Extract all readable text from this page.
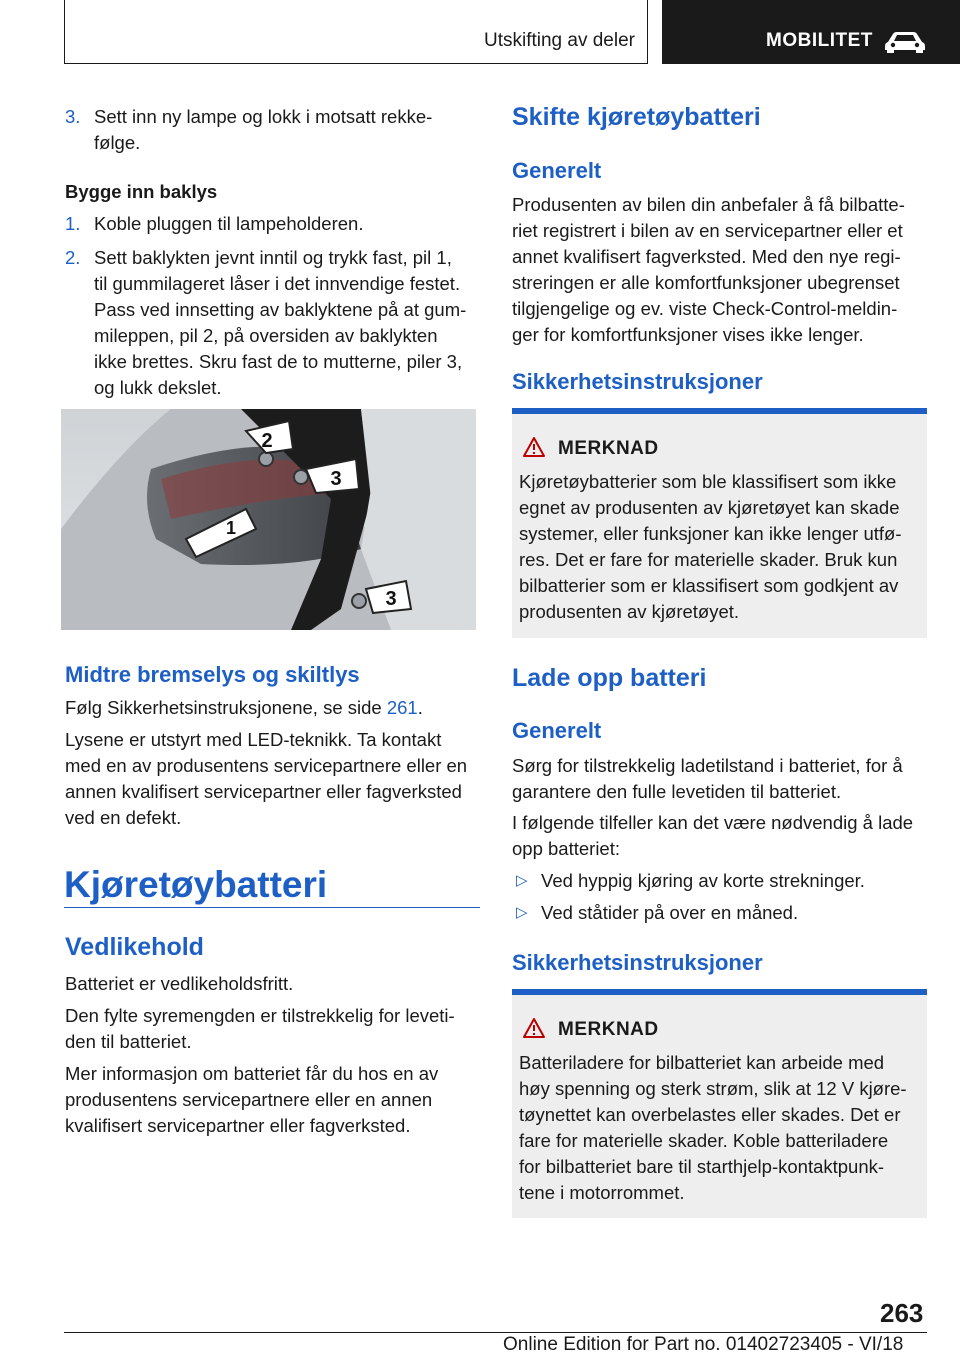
Utskifting av deler	MOBILITET
3. Sett inn ny lampe og lokk i motsatt rekke-
følge.
Bygge inn baklys
1. Koble pluggen til lampeholderen.
2. Sett baklykten jevnt inntil og trykk fast, pil 1,
til gummilageret låser i det innvendige festet.
Pass ved innsetting av baklyktene på at gum-
mileppen, pil 2, på oversiden av baklykten
ikke brettes. Skru fast de to mutterne, piler 3,
og lukk dekslet.
2
3
1
3
Midtre bremselys og skiltlys
Følg Sikkerhetsinstruksjonene, se side 261.
Lysene er utstyrt med LED-teknikk. Ta kontakt
med en av produsentens servicepartnere eller en
annen kvalifisert servicepartner eller fagverksted
ved en defekt.
Kjøretøybatteri
Vedlikehold
Batteriet er vedlikeholdsfritt.
Den fylte syremengden er tilstrekkelig for leveti-
den til batteriet.
Mer informasjon om batteriet får du hos en av
produsentens servicepartnere eller en annen
kvalifisert servicepartner eller fagverksted.
Skifte kjøretøybatteri
Generelt
Produsenten av bilen din anbefaler å få bilbatte-
riet registrert i bilen av en servicepartner eller et
annet kvalifisert fagverksted. Med den nye regi-
streringen er alle komfortfunksjoner ubegrenset
tilgjengelige og ev. viste Check-Control-meldin-
ger for komfortfunksjoner vises ikke lenger.
Sikkerhetsinstruksjoner
MERKNAD
Kjøretøybatterier som ble klassifisert som ikke
egnet av produsenten av kjøretøyet kan skade
systemer, eller funksjoner kan ikke lenger utfø-
res. Det er fare for materielle skader. Bruk kun
bilbatterier som er klassifisert som godkjent av
produsenten av kjøretøyet.
Lade opp batteri
Generelt
Sørg for tilstrekkelig ladetilstand i batteriet, for å
garantere den fulle levetiden til batteriet.
I følgende tilfeller kan det være nødvendig å lade
opp batteriet:
▷ Ved hyppig kjøring av korte strekninger.
▷ Ved ståtider på over en måned.
Sikkerhetsinstruksjoner
MERKNAD
Batteriladere for bilbatteriet kan arbeide med
høy spenning og sterk strøm, slik at 12 V kjøre-
tøynettet kan overbelastes eller skades. Det er
fare for materielle skader. Koble batteriladere
for bilbatteriet bare til starthjelp-kontaktpunk-
tene i motorrommet.
263
Online Edition for Part no. 01402723405 - VI/18
